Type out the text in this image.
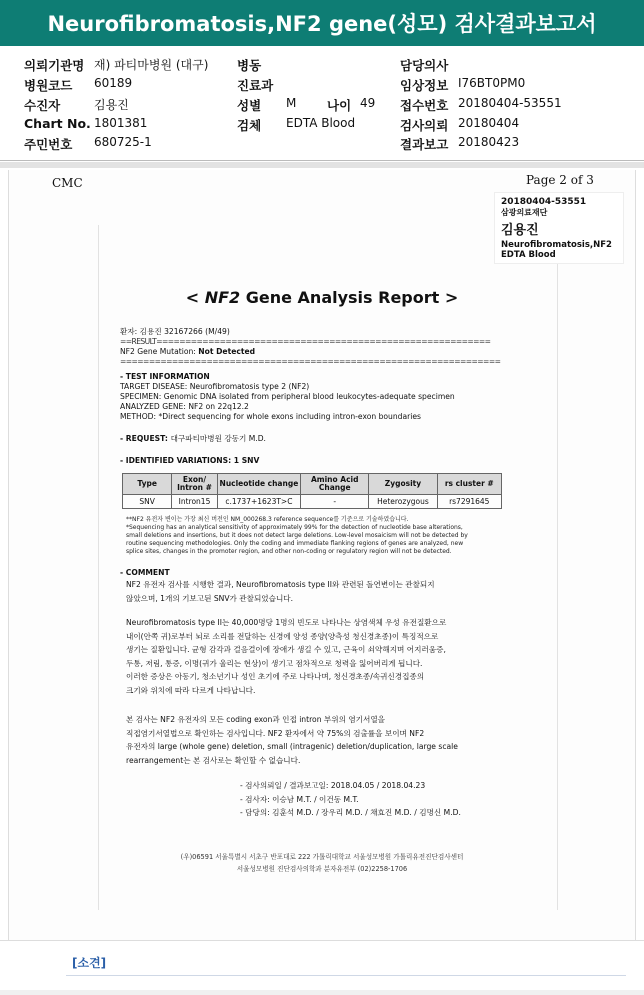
Neurofibromatosis,NF2 gene(성모) 검사결과보고서
의뢰기관명 재) 파티마병원 (대구) 병동	담당의사
병원코드 60189	진료과	임상정보 I76BT0PM0
수진자	김용진	성별 M 나이 49 접수번호 20180404-53551
Chart No. 1801381	검체 EDTA Blood	검사의뢰 20180404
주민번호 680725-1	결과보고 20180423
CMC	Page 2 of 3
20180404-53551
삼광의료재단
김용진
Neurofibromatosis,NF2
EDTA Blood
< NF2 Gene Analysis Report >

환자: 김용진 32167266 (M/49)

==RESULT==========================================================

NF2 Gene Mutation: Not Detected

==================================================================

- TEST INFORMATION

TARGET DISEASE: Neurofibromatosis type 2 (NF2)

SPECIMEN: Genomic DNA isolated from peripheral blood leukocytes-adequate specimen

ANALYZED GENE: NF2 on 22q12.2

METHOD: *Direct sequencing for whole exons including intron-exon boundaries

- REQUEST: 대구파티마병원 강동기 M.D.

- IDENTIFIED VARIATIONS: 1 SNV

Type	Exon/ Intron #	Nucleotide change	Amino Acid Change	Zygosity	rs cluster #
SNV	Intron15	c.1737+1623T>C	-	Heterozygous	rs7291645

**NF2 유전자 변이는 가장 최신 버전인 NM_000268.3 reference sequence를 기준으로 기술하였습니다.

*Sequencing has an analytical sensitivity of approximately 99% for the detection of nucleotide base alterations,

small deletions and insertions, but it does not detect large deletions. Low-level mosaicism will not be detected by

routine sequencing methodologies. Only the coding and immediate flanking regions of genes are analyzed, new

splice sites, changes in the promoter region, and other non-coding or regulatory region will not be detected.

- COMMENT

NF2 유전자 검사를 시행한 결과, Neurofibromatosis type II와 관련된 돌연변이는 관찰되지

않았으며, 1개의 기보고된 SNV가 관찰되었습니다.

Neurofibromatosis type II는 40,000명당 1명의 빈도로 나타나는 상염색체 우성 유전질환으로

내이(안쪽 귀)로부터 뇌로 소리를 전달하는 신경에 양성 종양(양측성 청신경초종)이 특징적으로

생기는 질환입니다. 균형 감각과 걸음걸이에 장애가 생길 수 있고, 근육이 쇠약해지며 어지러움증,

두통, 저림, 통증, 이명(귀가 울리는 현상)이 생기고 점차적으로 청력을 잃어버리게 됩니다.

이러한 증상은 아동기, 청소년기나 성인 초기에 주로 나타나며, 청신경초종/속귀신경집종의

크기와 위치에 따라 다르게 나타납니다.

본 검사는 NF2 유전자의 모든 coding exon과 인접 intron 부위의 염기서열을

직접염기서열법으로 확인하는 검사입니다. NF2 환자에서 약 75%의 검출률을 보이며 NF2

유전자의 large (whole gene) deletion, small (intragenic) deletion/duplication, large scale

rearrangement는 본 검사로는 확인할 수 없습니다.

- 검사의뢰일 / 결과보고일: 2018.04.05 / 2018.04.23

- 검사자: 이승남 M.T. / 이건동 M.T.

- 담당의: 김훈석 M.D. / 장우리 M.D. / 채효진 M.D. / 김명신 M.D.

(우)06591 서울특별시 서초구 반포대로 222 가톨릭대학교 서울성모병원 가톨릭유전진단검사센터

서울성모병원 진단검사의학과 분자유전부 (02)2258-1706

[소견]
